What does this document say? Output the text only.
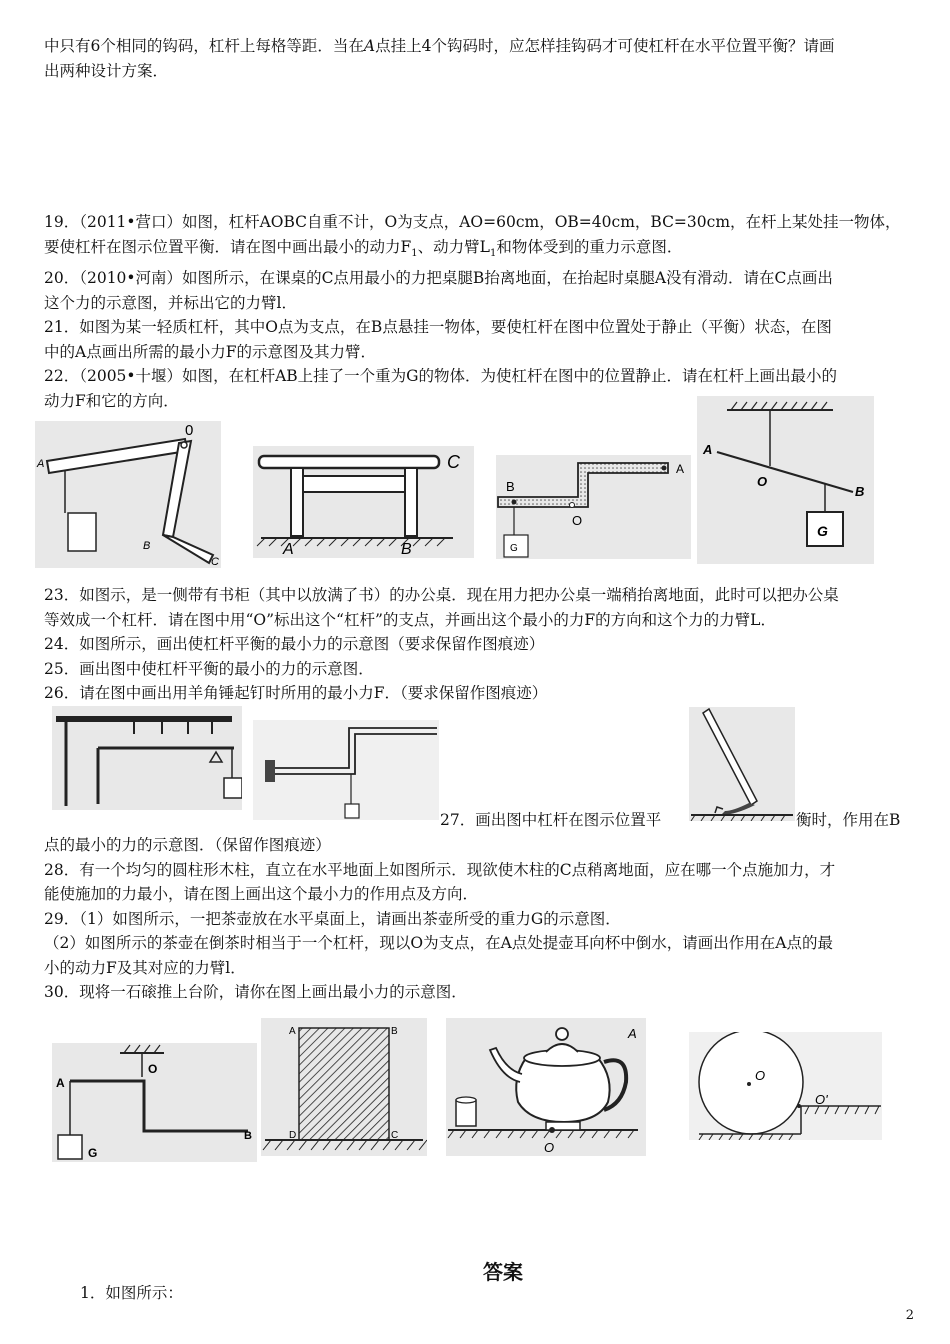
中只有6个相同的钩码，杠杆上每格等距．当在A点挂上4个钩码时，应怎样挂钩码才可使杠杆在水平位置平衡？请画
出两种设计方案．

19．（2011•营口）如图，杠杆AOBC自重不计，O为支点，AO=60cm，OB=40cm，BC=30cm，在杆上某处挂一物体，
要使杠杆在图示位置平衡．请在图中画出最小的动力$F_1$、动力臂$L_1$和物体受到的重力示意图．
20．（2010•河南）如图所示，在课桌的C点用最小的力把桌腿B抬离地面，在抬起时桌腿A没有滑动．请在C点画出
这个力的示意图，并标出它的力臂l．
21．如图为某一轻质杠杆，其中O点为支点，在B点悬挂一物体，要使杠杆在图中位置处于静止（平衡）状态，在图
中的A点画出所需的最小力F的示意图及其力臂．
22．（2005•十堰）如图，在杠杆AB上挂了一个重为G的物体．为使杠杆在图中的位置静止．请在杠杆上画出最小的
动力F和它的方向．

0
A
B
C
C
A	B
A
B
O
G
A
O
B
G

23．如图示，是一侧带有书柜（其中以放满了书）的办公桌．现在用力把办公桌一端稍抬离地面，此时可以把办公桌
等效成一个杠杆．请在图中用“O”标出这个“杠杆”的支点，并画出这个最小的力F的方向和这个力的力臂L．
24．如图所示，画出使杠杆平衡的最小力的示意图（要求保留作图痕迹）
25．画出图中使杠杆平衡的最小的力的示意图．
26．请在图中画出用羊角锤起钉时所用的最小力F．（要求保留作图痕迹）

27．画出图中杠杆在图示位置平	衡时，作用在B

点的最小的力的示意图．（保留作图痕迹）
28．有一个均匀的圆柱形木柱，直立在水平地面上如图所示．现欲使木柱的C点稍离地面，应在哪一个点施加力，才
能使施加的力最小，请在图上画出这个最小力的作用点及方向．
29．（1）如图所示，一把茶壶放在水平桌面上，请画出茶壶所受的重力G的示意图．
（2）如图所示的茶壶在倒茶时相当于一个杠杆，现以O为支点，在A点处提壶耳向杯中倒水，请画出作用在A点的最
小的动力F及其对应的力臂l．
30．现将一石磙推上台阶，请你在图上画出最小力的示意图．

A
O
G
B
A	B
C
D
A
O
O
O'
答案
1．如图所示：
2
